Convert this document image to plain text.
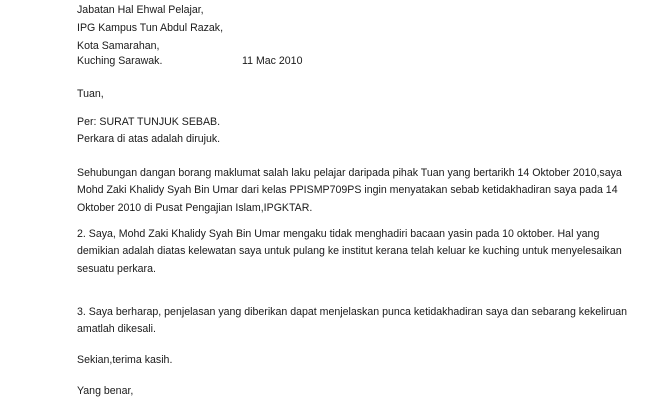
Jabatan Hal Ehwal Pelajar,
IPG Kampus Tun Abdul Razak,
Kota Samarahan,
Kuching Sarawak.	11 Mac 2010
Tuan,
Per: SURAT TUNJUK SEBAB.
Perkara di atas adalah dirujuk.
Sehubungan dangan borang maklumat salah laku pelajar daripada pihak Tuan yang bertarikh 14 Oktober 2010,saya
Mohd Zaki Khalidy Syah Bin Umar dari kelas PPISMP709PS ingin menyatakan sebab ketidakhadiran saya pada 14
Oktober 2010 di Pusat Pengajian Islam,IPGKTAR.
2. Saya, Mohd Zaki Khalidy Syah Bin Umar mengaku tidak menghadiri bacaan yasin pada 10 oktober. Hal yang
demikian adalah diatas kelewatan saya untuk pulang ke institut kerana telah keluar ke kuching untuk menyelesaikan
sesuatu perkara.
3. Saya berharap, penjelasan yang diberikan dapat menjelaskan punca ketidakhadiran saya dan sebarang kekeliruan
amatlah dikesali.
Sekian,terima kasih.
Yang benar,
